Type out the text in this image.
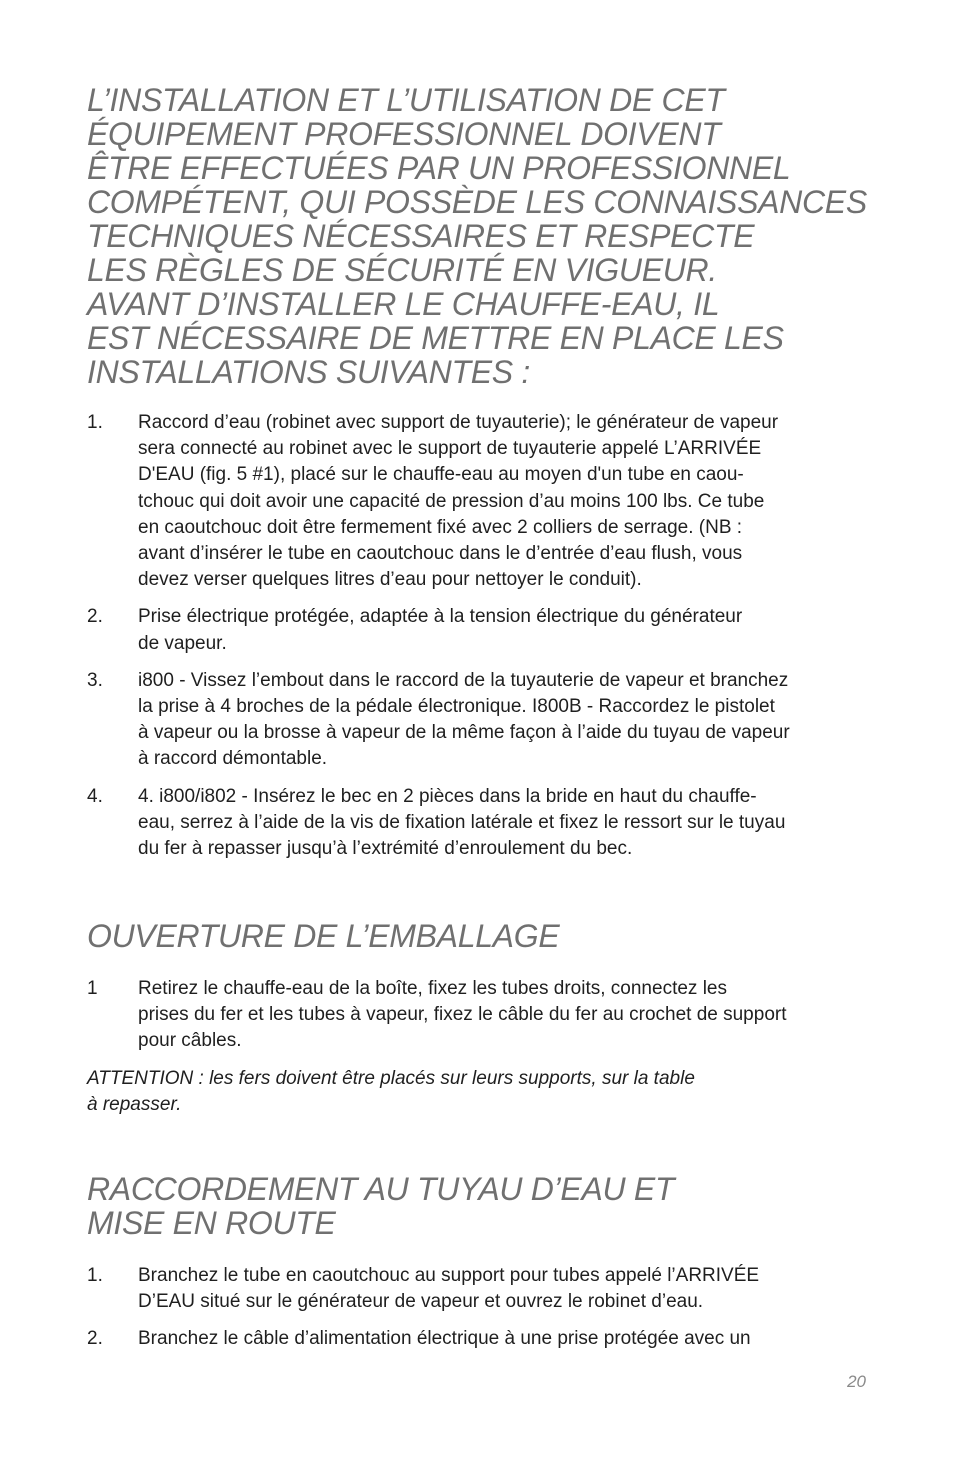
L’INSTALLATION ET L’UTILISATION DE CET
ÉQUIPEMENT PROFESSIONNEL DOIVENT
ÊTRE EFFECTUÉES PAR UN PROFESSIONNEL
COMPÉTENT, QUI POSSÈDE LES CONNAISSANCES
TECHNIQUES NÉCESSAIRES ET RESPECTE
LES RÈGLES DE SÉCURITÉ EN VIGUEUR.
AVANT D’INSTALLER LE CHAUFFE-EAU, IL
EST NÉCESSAIRE DE METTRE EN PLACE LES
INSTALLATIONS SUIVANTES :
1. Raccord d’eau (robinet avec support de tuyauterie); le générateur de vapeur
sera connecté au robinet avec le support de tuyauterie appelé L’ARRIVÉE
D'EAU (fig. 5 #1), placé sur le chauffe-eau au moyen d'un tube en caou-
tchouc qui doit avoir une capacité de pression d’au moins 100 lbs. Ce tube
en caoutchouc doit être fermement fixé avec 2 colliers de serrage. (NB :
avant d’insérer le tube en caoutchouc dans le d’entrée d’eau flush, vous
devez verser quelques litres d’eau pour nettoyer le conduit).
2. Prise électrique protégée, adaptée à la tension électrique du générateur
de vapeur.
3. i800 - Vissez l’embout dans le raccord de la tuyauterie de vapeur et branchez
la prise à 4 broches de la pédale électronique. I800B - Raccordez le pistolet
à vapeur ou la brosse à vapeur de la même façon à l’aide du tuyau de vapeur
à raccord démontable.
4. 4. i800/i802 - Insérez le bec en 2 pièces dans la bride en haut du chauffe-
eau, serrez à l’aide de la vis de fixation latérale et fixez le ressort sur le tuyau
du fer à repasser jusqu’à l’extrémité d’enroulement du bec.
OUVERTURE DE L’EMBALLAGE
1 Retirez le chauffe-eau de la boîte, fixez les tubes droits, connectez les
prises du fer et les tubes à vapeur, fixez le câble du fer au crochet de support
pour câbles.
ATTENTION : les fers doivent être placés sur leurs supports, sur la table
à repasser.
RACCORDEMENT AU TUYAU D’EAU ET
MISE EN ROUTE
1. Branchez le tube en caoutchouc au support pour tubes appelé l’ARRIVÉE
D’EAU situé sur le générateur de vapeur et ouvrez le robinet d’eau.
2. Branchez le câble d’alimentation électrique à une prise protégée avec un
20
